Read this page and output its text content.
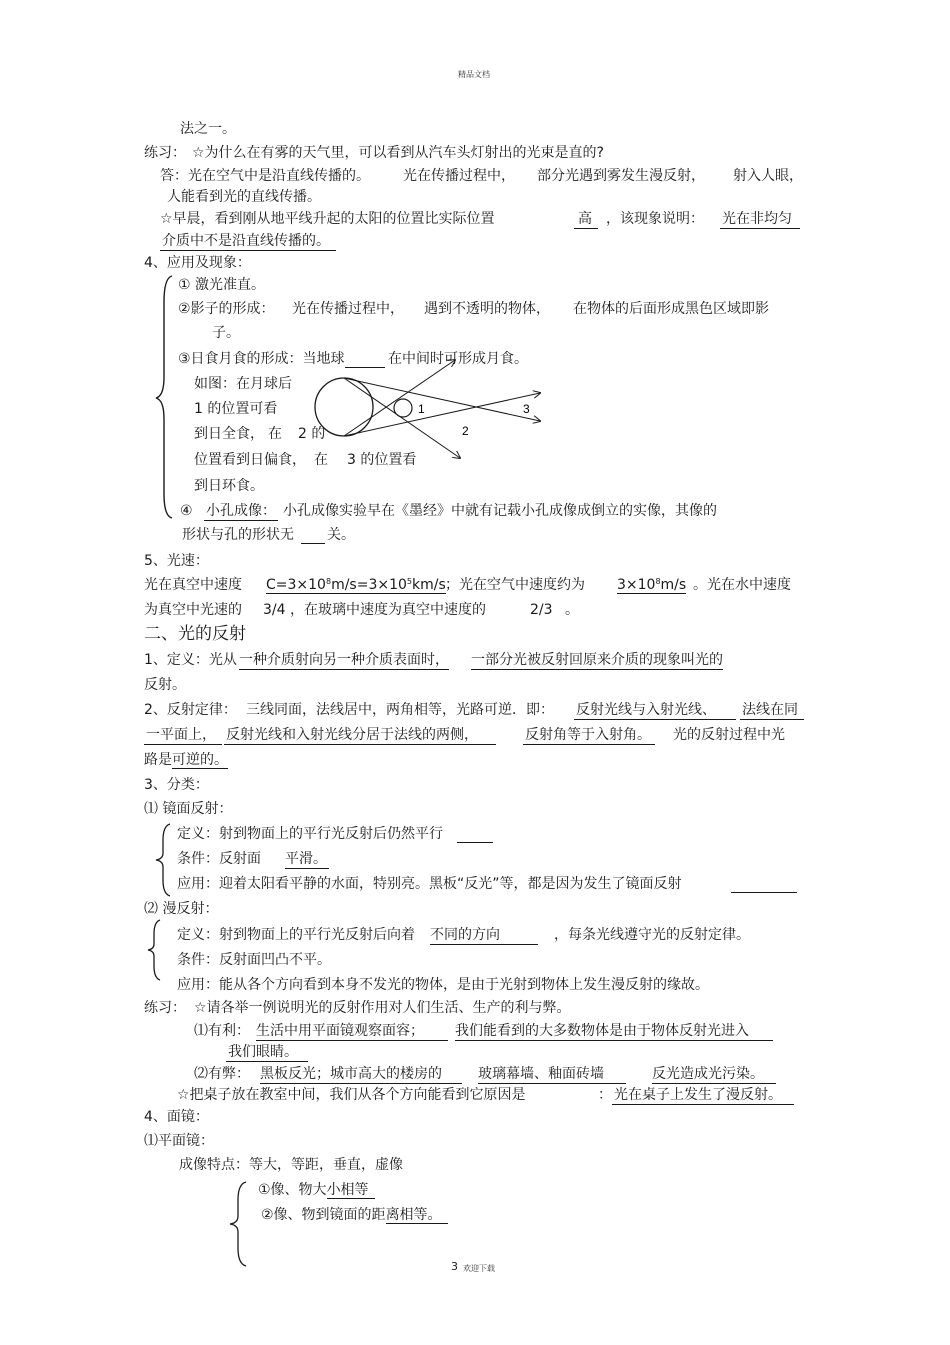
精品文档
3 欢迎下载
法之一。
练习： ☆为什么在有雾的天气里，可以看到从汽车头灯射出的光束是直的?
答：光在空气中是沿直线传播的。 光在传播过程中， 部分光遇到雾发生漫反射， 射入人眼，
人能看到光的直线传播。
☆早晨，看到刚从地平线升起的太阳的位置比实际位置	高	，该现象说明： 光在非均匀
介质中不是沿直线传播的。
4、应用及现象：
① 激光准直。
②影子的形成： 光在传播过程中， 遇到不透明的物体， 在物体的后面形成黑色区域即影
子。
③日食月食的形成：当地球	在中间时可形成月食。
如图：在月球后
1 的位置可看
到日全食， 在 2 的
位置看到日偏食， 在 3 的位置看
到日环食。
1
2
3
④ 小孔成像： 小孔成像实验早在《墨经》中就有记载小孔成像成倒立的实像，其像的
形状与孔的形状无 关。
5、光速：
光在真空中速度 $C=3\times 10^8m/s=3\times 10^5km/s$ ；光在空气中速度约为 $3\times 10^8m/s$ 。光在水中速度
为真空中光速的 3/4 ，在玻璃中速度为真空中速度的	2/3 。
二、光的反射
1、定义：光从 一种介质射向另一种介质表面时， 一部分光被反射回原来介质的现象叫光的
反射。
2、反射定律： 三线同面，法线居中，两角相等，光路可逆．即： 反射光线与入射光线、	法线在同
一平面上， 反射光线和入射光线分居于法线的两侧，	反射角等于入射角。 光的反射过程中光
路是可逆的。
3、分类：
⑴ 镜面反射：
定义：射到物面上的平行光反射后仍然平行
条件：反射面 平滑。
应用：迎着太阳看平静的水面，特别亮。黑板“反光”等，都是因为发生了镜面反射
⑵ 漫反射：
定义：射到物面上的平行光反射后向着 不同的方向	，每条光线遵守光的反射定律。
条件：反射面凹凸不平。
应用：能从各个方向看到本身不发光的物体，是由于光射到物体上发生漫反射的缘故。
练习： ☆请各举一例说明光的反射作用对人们生活、生产的利与弊。
⑴有利： 生活中用平面镜观察面容；	我们能看到的大多数物体是由于物体反射光进入
我们眼睛。
⑵有弊： 黑板反光；城市高大的楼房的	玻璃幕墙、釉面砖墙	反光造成光污染。
☆把桌子放在教室中间，我们从各个方向能看到它原因是	： 光在桌子上发生了漫反射。
4、面镜：
⑴平面镜：
成像特点：等大，等距，垂直，虚像
①像、物大小相等
②像、物到镜面的距离相等。
